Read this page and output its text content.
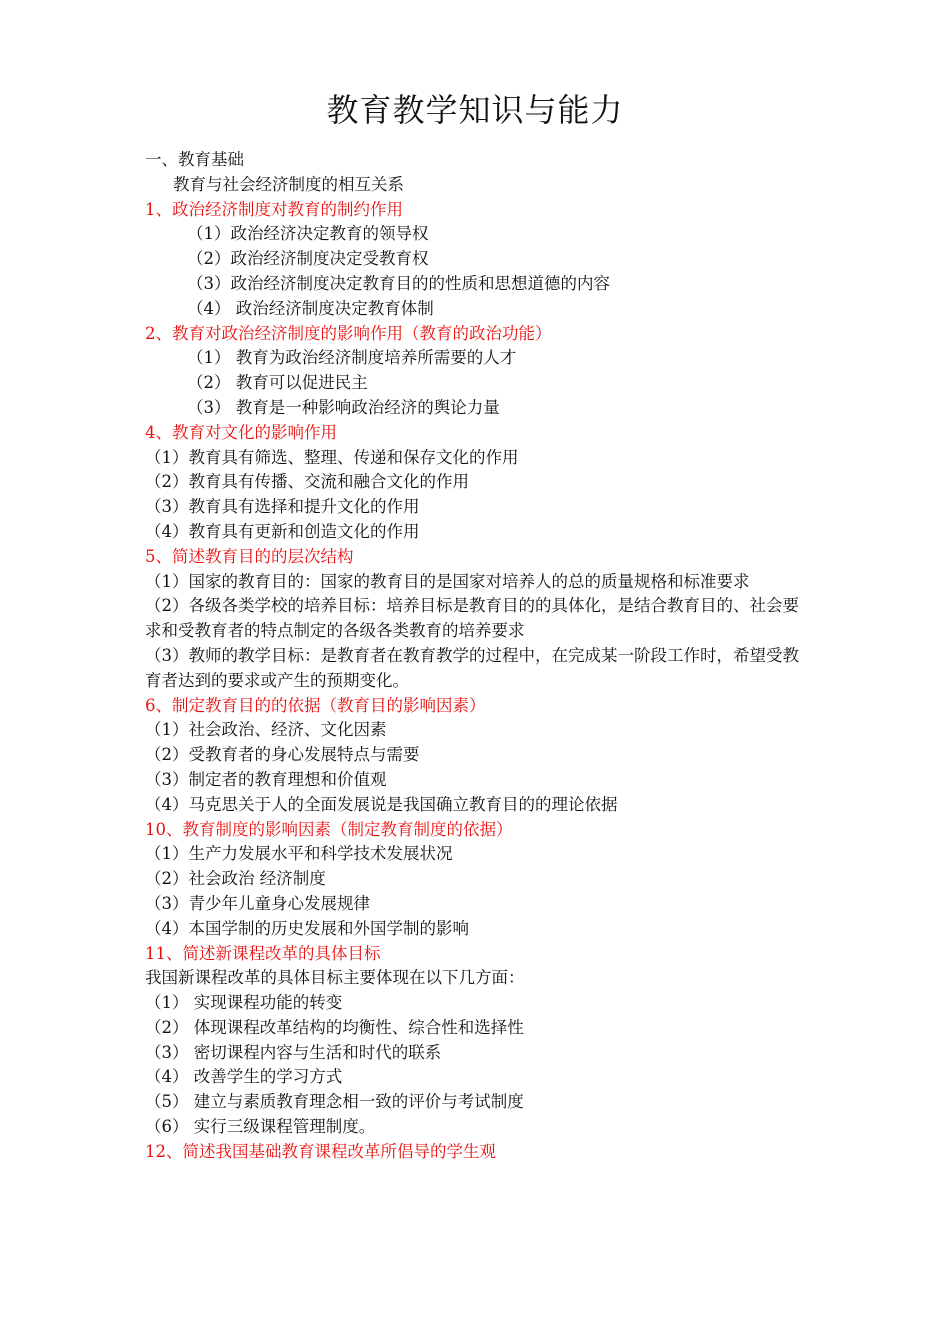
教育教学知识与能力
一、教育基础
教育与社会经济制度的相互关系
1、政治经济制度对教育的制约作用
（1）政治经济决定教育的领导权
（2）政治经济制度决定受教育权
（3）政治经济制度决定教育目的的性质和思想道德的内容
（4） 政治经济制度决定教育体制
2、教育对政治经济制度的影响作用（教育的政治功能）
（1） 教育为政治经济制度培养所需要的人才
（2） 教育可以促进民主
（3） 教育是一种影响政治经济的舆论力量
4、教育对文化的影响作用
（1）教育具有筛选、整理、传递和保存文化的作用
（2）教育具有传播、交流和融合文化的作用
（3）教育具有选择和提升文化的作用
（4）教育具有更新和创造文化的作用
5、简述教育目的的层次结构
（1）国家的教育目的：国家的教育目的是国家对培养人的总的质量规格和标准要求
（2）各级各类学校的培养目标：培养目标是教育目的的具体化，是结合教育目的、社会要求和受教育者的特点制定的各级各类教育的培养要求
（3）教师的教学目标：是教育者在教育教学的过程中，在完成某一阶段工作时，希望受教育者达到的要求或产生的预期变化。
6、制定教育目的的依据（教育目的影响因素）
（1）社会政治、经济、文化因素
（2）受教育者的身心发展特点与需要
（3）制定者的教育理想和价值观
（4）马克思关于人的全面发展说是我国确立教育目的的理论依据
10、教育制度的影响因素（制定教育制度的依据）
（1）生产力发展水平和科学技术发展状况
（2）社会政治 经济制度
（3）青少年儿童身心发展规律
（4）本国学制的历史发展和外国学制的影响
11、简述新课程改革的具体目标
我国新课程改革的具体目标主要体现在以下几方面：
（1） 实现课程功能的转变
（2） 体现课程改革结构的均衡性、综合性和选择性
（3） 密切课程内容与生活和时代的联系
（4） 改善学生的学习方式
（5） 建立与素质教育理念相一致的评价与考试制度
（6） 实行三级课程管理制度。
12、简述我国基础教育课程改革所倡导的学生观
